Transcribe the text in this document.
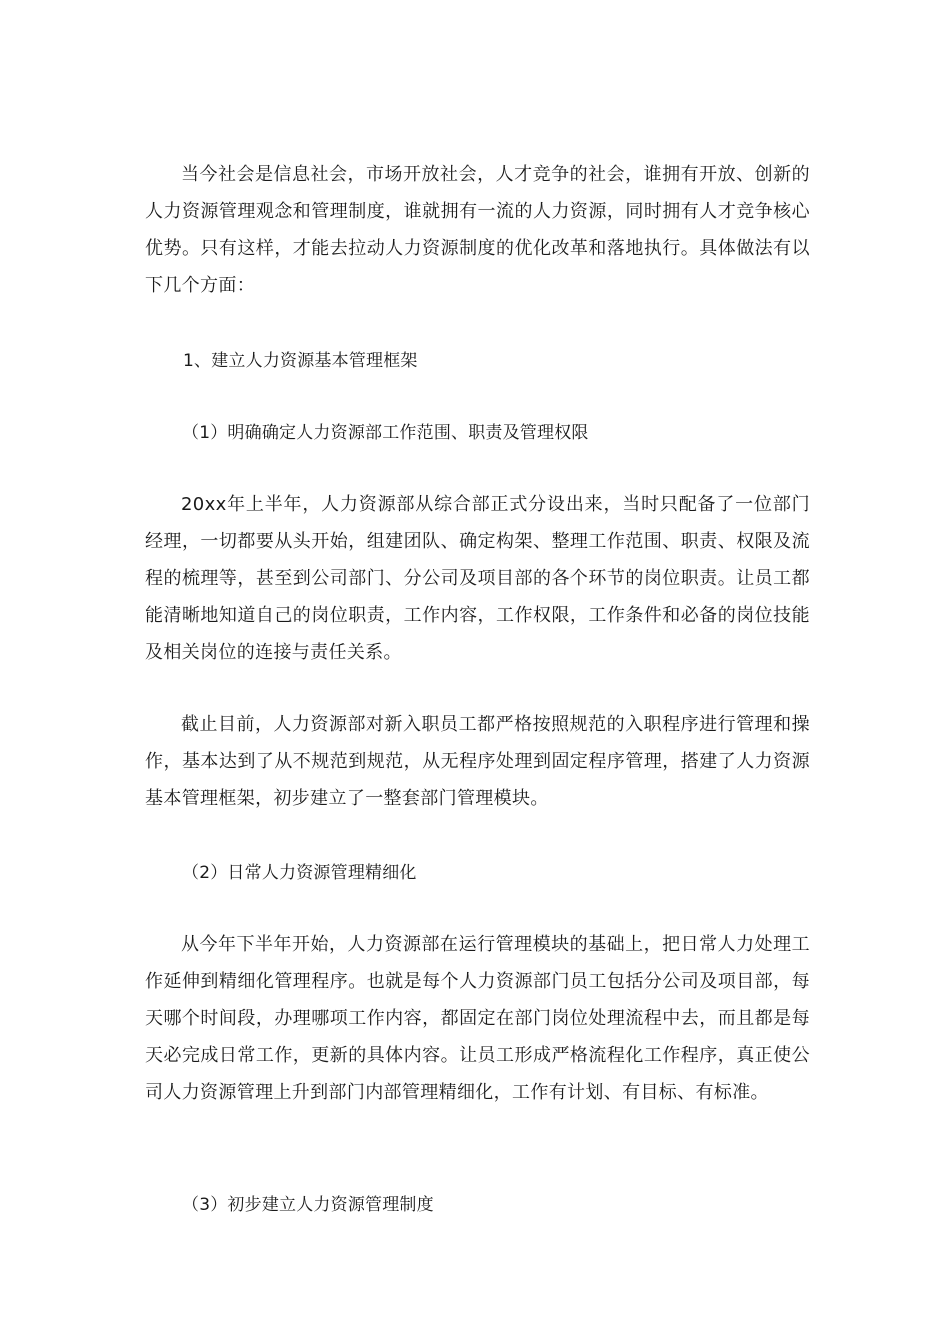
当今社会是信息社会，市场开放社会，人才竞争的社会，谁拥有开放、创新的人力资源管理观念和管理制度，谁就拥有一流的人力资源，同时拥有人才竞争核心优势。只有这样，才能去拉动人力资源制度的优化改革和落地执行。具体做法有以下几个方面：

1、建立人力资源基本管理框架

（1）明确确定人力资源部工作范围、职责及管理权限

20xx年上半年，人力资源部从综合部正式分设出来，当时只配备了一位部门经理，一切都要从头开始，组建团队、确定构架、整理工作范围、职责、权限及流程的梳理等，甚至到公司部门、分公司及项目部的各个环节的岗位职责。让员工都能清晰地知道自己的岗位职责，工作内容，工作权限，工作条件和必备的岗位技能及相关岗位的连接与责任关系。

截止目前，人力资源部对新入职员工都严格按照规范的入职程序进行管理和操作，基本达到了从不规范到规范，从无程序处理到固定程序管理，搭建了人力资源基本管理框架，初步建立了一整套部门管理模块。

（2）日常人力资源管理精细化

从今年下半年开始，人力资源部在运行管理模块的基础上，把日常人力处理工作延伸到精细化管理程序。也就是每个人力资源部门员工包括分公司及项目部，每天哪个时间段，办理哪项工作内容，都固定在部门岗位处理流程中去，而且都是每天必完成日常工作，更新的具体内容。让员工形成严格流程化工作程序，真正使公司人力资源管理上升到部门内部管理精细化，工作有计划、有目标、有标准。

（3）初步建立人力资源管理制度
